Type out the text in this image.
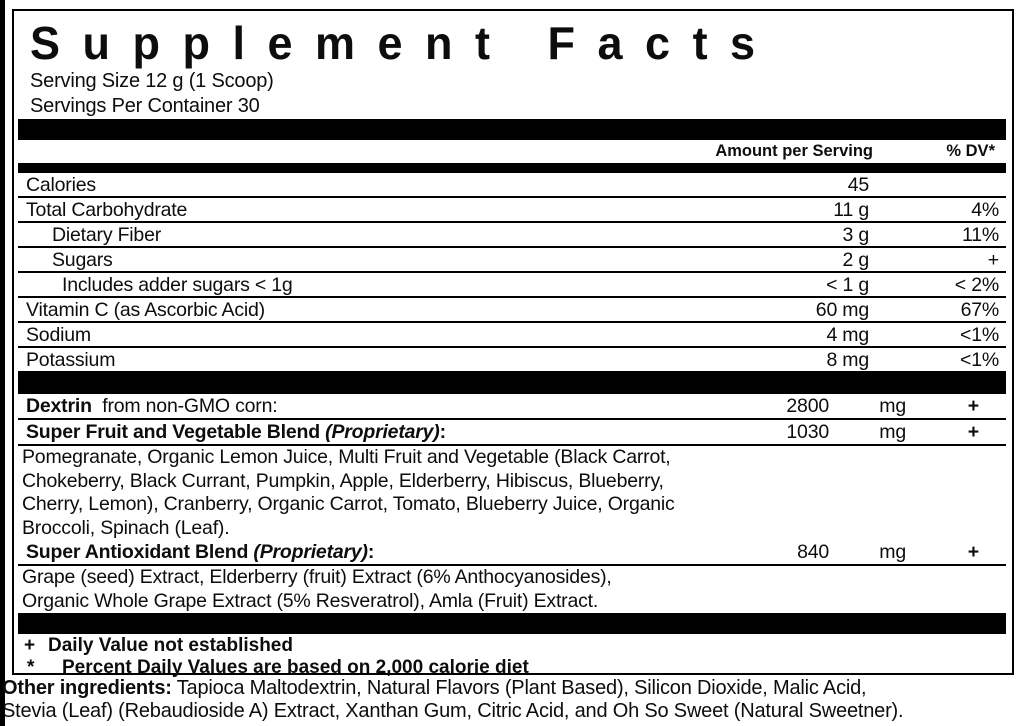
Supplement Facts
Serving Size 12 g (1 Scoop)
Servings Per Container 30
Amount per Serving	% DV*
Calories	45
Total Carbohydrate	11 g	4%
Dietary Fiber	3 g	11%
Sugars	2 g	+
Includes adder sugars < 1g	< 1 g	< 2%
Vitamin C (as Ascorbic Acid)	60 mg	67%
Sodium	4 mg	<1%
Potassium	8 mg	<1%
Dextrin  from non-GMO corn:	2800	mg	+
Super Fruit and Vegetable Blend (Proprietary):	1030	mg	+
Pomegranate, Organic Lemon Juice, Multi Fruit and Vegetable (Black Carrot,
Chokeberry, Black Currant, Pumpkin, Apple, Elderberry, Hibiscus, Blueberry,
Cherry, Lemon), Cranberry, Organic Carrot, Tomato, Blueberry Juice, Organic
Broccoli, Spinach (Leaf).
Super Antioxidant Blend (Proprietary):	840	mg	+
Grape (seed) Extract, Elderberry (fruit) Extract (6% Anthocyanosides),
Organic Whole Grape Extract (5% Resveratrol), Amla (Fruit) Extract.
+ Daily Value not established
* Percent Daily Values are based on 2,000 calorie diet
Other ingredients: Tapioca Maltodextrin, Natural Flavors (Plant Based), Silicon Dioxide, Malic Acid,
Stevia (Leaf) (Rebaudioside A) Extract, Xanthan Gum, Citric Acid, and Oh So Sweet (Natural Sweetner).
